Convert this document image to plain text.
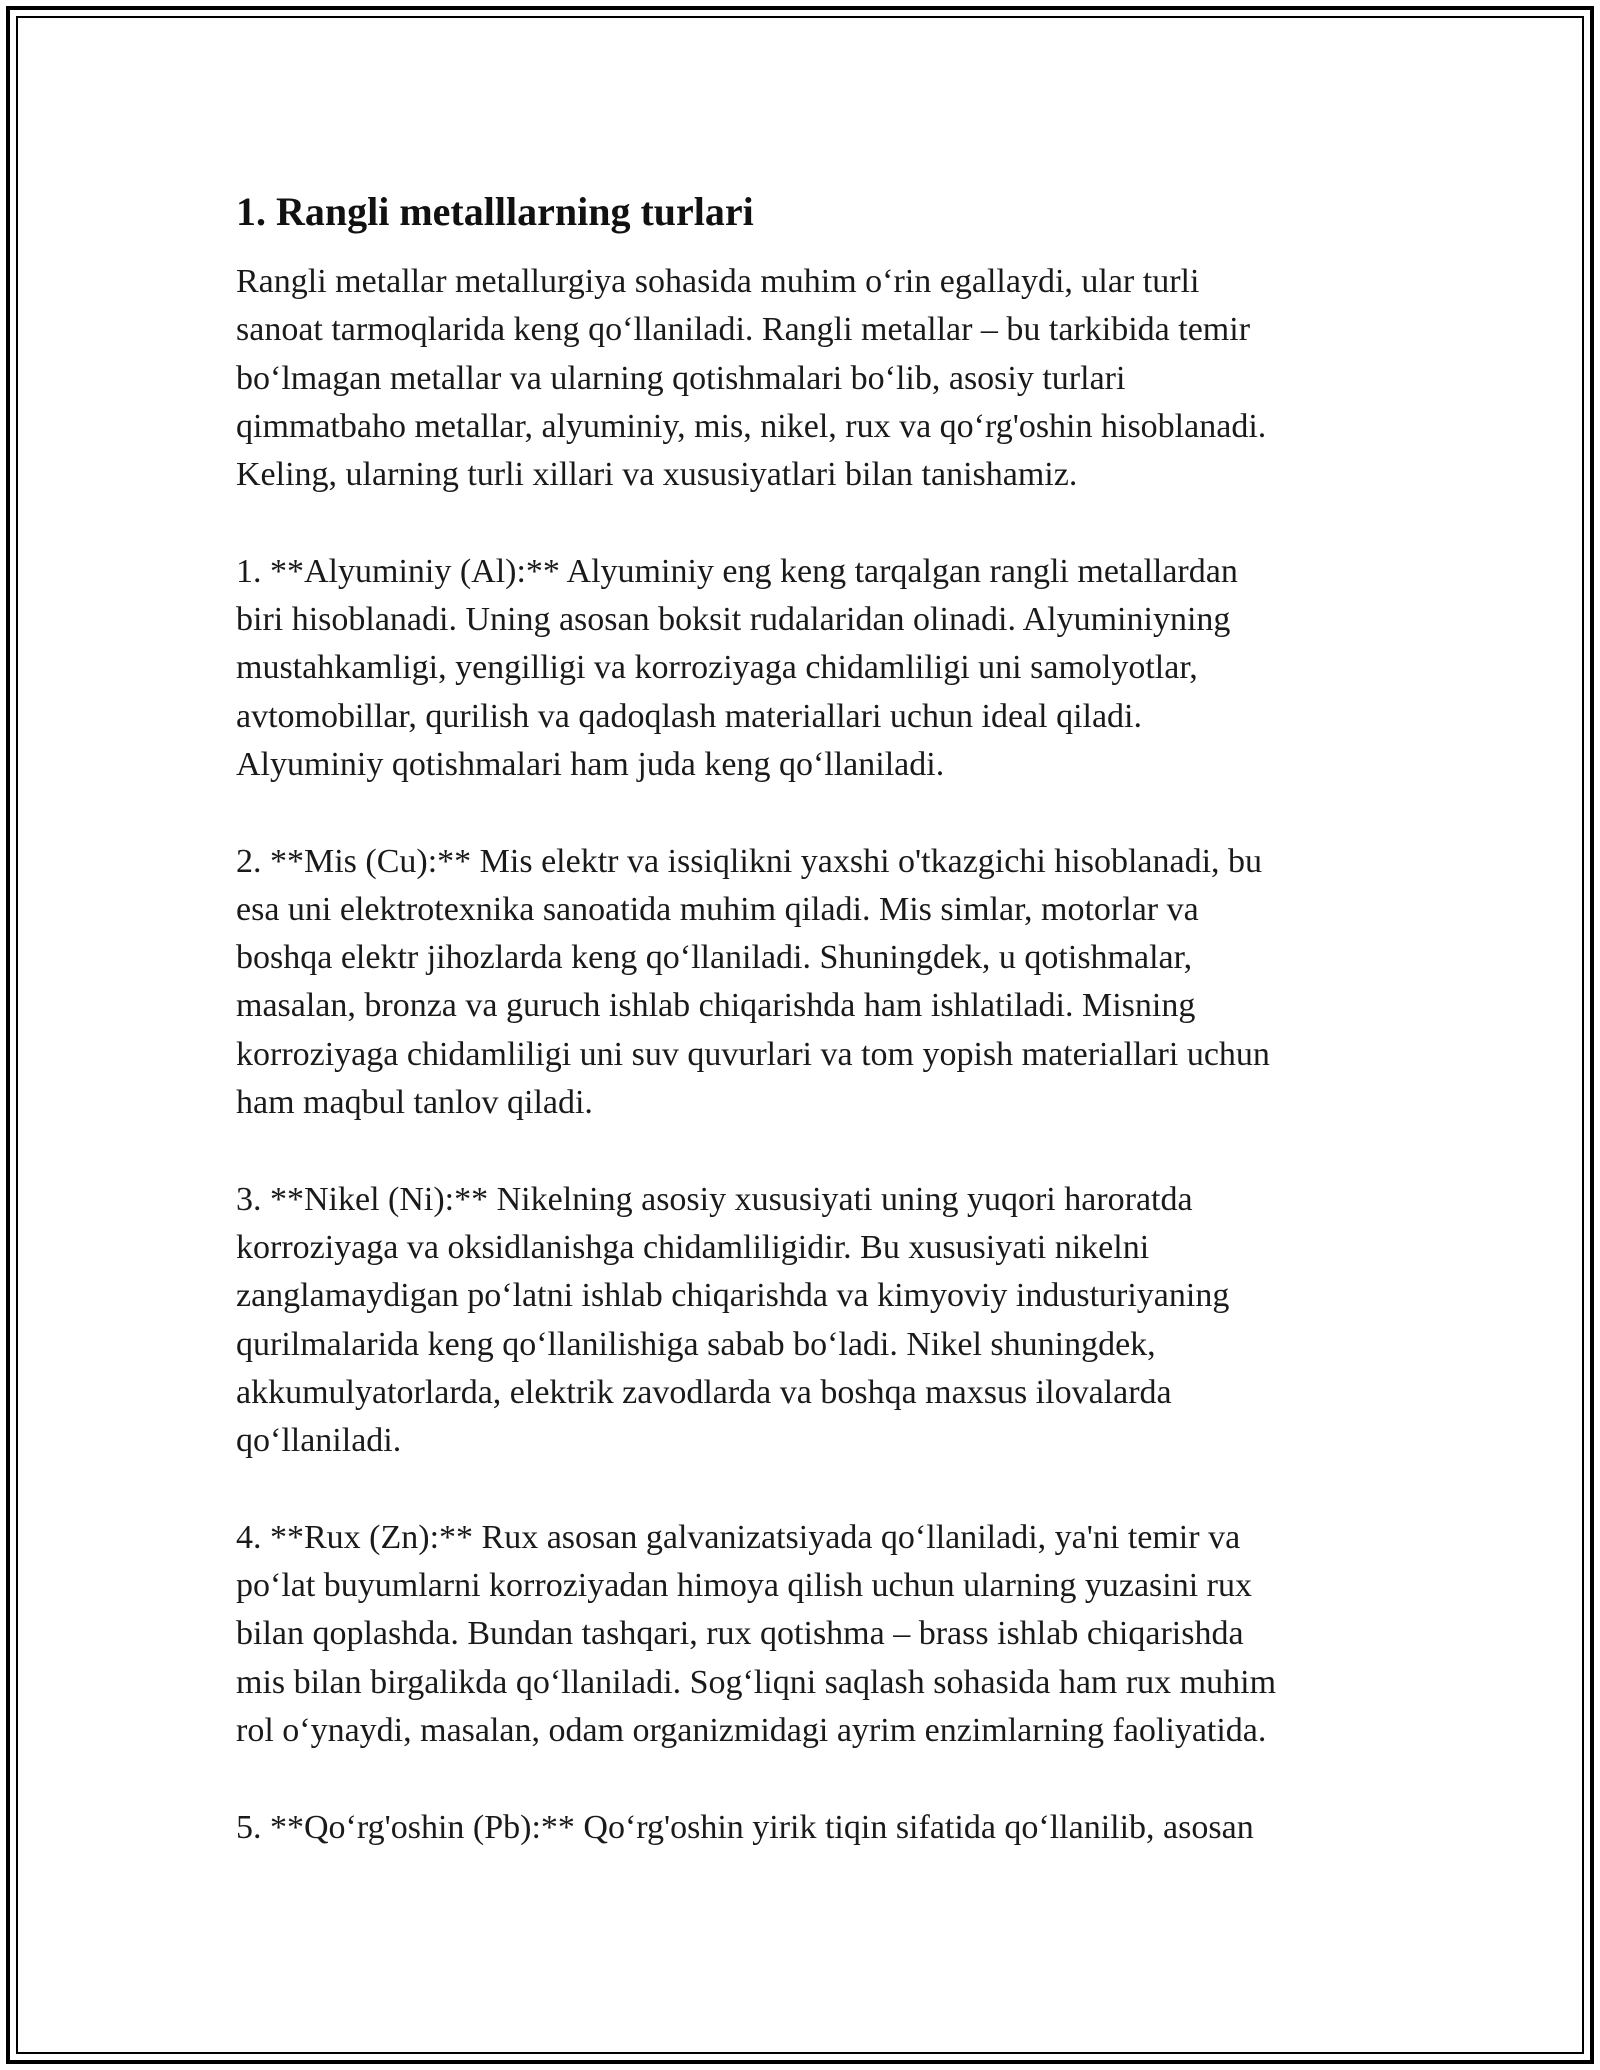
1. Rangli metalllarning turlari

Rangli metallar metallurgiya sohasida muhim o‘rin egallaydi, ular turli
sanoat tarmoqlarida keng qo‘llaniladi. Rangli metallar – bu tarkibida temir
bo‘lmagan metallar va ularning qotishmalari bo‘lib, asosiy turlari
qimmatbaho metallar, alyuminiy, mis, nikel, rux va qo‘rg'oshin hisoblanadi.
Keling, ularning turli xillari va xususiyatlari bilan tanishamiz.

1. **Alyuminiy (Al):** Alyuminiy eng keng tarqalgan rangli metallardan
biri hisoblanadi. Uning asosan boksit rudalaridan olinadi. Alyuminiyning
mustahkamligi, yengilligi va korroziyaga chidamliligi uni samolyotlar,
avtomobillar, qurilish va qadoqlash materiallari uchun ideal qiladi.
Alyuminiy qotishmalari ham juda keng qo‘llaniladi.

2. **Mis (Cu):** Mis elektr va issiqlikni yaxshi o'tkazgichi hisoblanadi, bu
esa uni elektrotexnika sanoatida muhim qiladi. Mis simlar, motorlar va
boshqa elektr jihozlarda keng qo‘llaniladi. Shuningdek, u qotishmalar,
masalan, bronza va guruch ishlab chiqarishda ham ishlatiladi. Misning
korroziyaga chidamliligi uni suv quvurlari va tom yopish materiallari uchun
ham maqbul tanlov qiladi.

3. **Nikel (Ni):** Nikelning asosiy xususiyati uning yuqori haroratda
korroziyaga va oksidlanishga chidamliligidir. Bu xususiyati nikelni
zanglamaydigan po‘latni ishlab chiqarishda va kimyoviy industuriyaning
qurilmalarida keng qo‘llanilishiga sabab bo‘ladi. Nikel shuningdek,
akkumulyatorlarda, elektrik zavodlarda va boshqa maxsus ilovalarda
qo‘llaniladi.

4. **Rux (Zn):** Rux asosan galvanizatsiyada qo‘llaniladi, ya'ni temir va
po‘lat buyumlarni korroziyadan himoya qilish uchun ularning yuzasini rux
bilan qoplashda. Bundan tashqari, rux qotishma – brass ishlab chiqarishda
mis bilan birgalikda qo‘llaniladi. Sog‘liqni saqlash sohasida ham rux muhim
rol o‘ynaydi, masalan, odam organizmidagi ayrim enzimlarning faoliyatida.

5. **Qo‘rg'oshin (Pb):** Qo‘rg'oshin yirik tiqin sifatida qo‘llanilib, asosan
